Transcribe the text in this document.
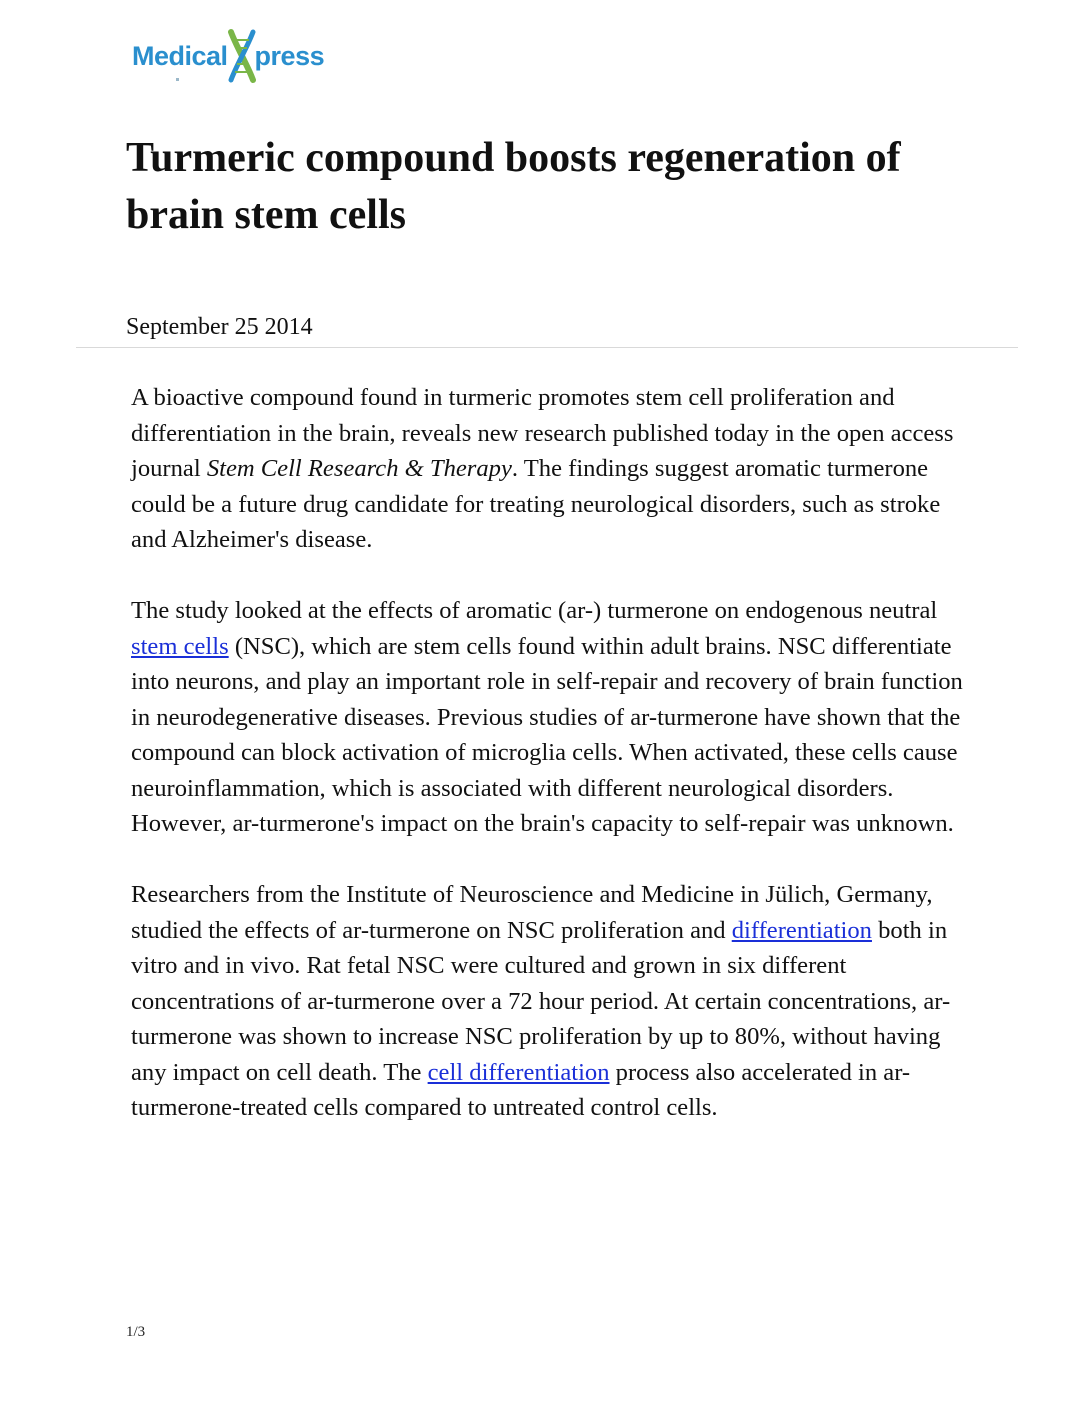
Medical press
Turmeric compound boosts regeneration of brain stem cells
September 25 2014

A bioactive compound found in turmeric promotes stem cell proliferation and differentiation in the brain, reveals new research published today in the open access journal Stem Cell Research & Therapy. The findings suggest aromatic turmerone could be a future drug candidate for treating neurological disorders, such as stroke and Alzheimer's disease.

The study looked at the effects of aromatic (ar-) turmerone on endogenous neutral stem cells (NSC), which are stem cells found within adult brains. NSC differentiate into neurons, and play an important role in self-repair and recovery of brain function in neurodegenerative diseases. Previous studies of ar-turmerone have shown that the compound can block activation of microglia cells. When activated, these cells cause neuroinflammation, which is associated with different neurological disorders. However, ar-turmerone's impact on the brain's capacity to self-repair was unknown.

Researchers from the Institute of Neuroscience and Medicine in Jülich, Germany, studied the effects of ar-turmerone on NSC proliferation and differentiation both in vitro and in vivo. Rat fetal NSC were cultured and grown in six different concentrations of ar-turmerone over a 72 hour period. At certain concentrations, ar-turmerone was shown to increase NSC proliferation by up to 80%, without having any impact on cell death. The cell differentiation process also accelerated in ar-turmerone-treated cells compared to untreated control cells.

1/3
